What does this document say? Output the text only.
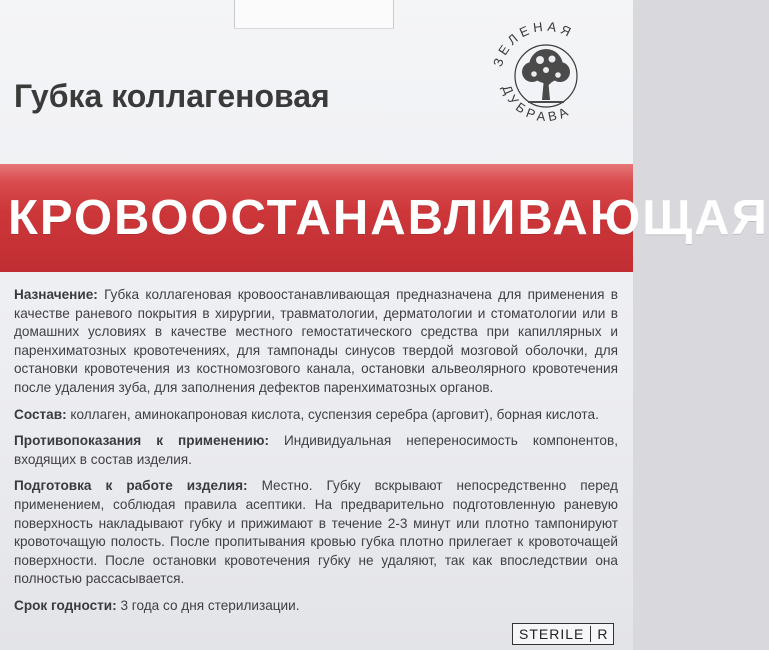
Губка коллагеновая
ЗЕЛЕНАЯ
ДУБРАВА
КРОВООСТАНАВЛИВАЮЩАЯ

Назначение: Губка коллагеновая кровоостанавливающая предназначена для применения в качестве раневого покрытия в хирургии, травматологии, дерматологии и стоматологии или в домашних условиях в качестве местного гемостатического средства при капиллярных и паренхиматозных кровотечениях, для тампонады синусов твердой мозговой оболочки, для остановки кровотечения из костномозгового канала, остановки альвеолярного кровотечения после удаления зуба, для заполнения дефектов паренхиматозных органов.

Состав: коллаген, аминокапроновая кислота, суспензия серебра (арговит), борная кислота.

Противопоказания к применению: Индивидуальная непереносимость компонентов, входящих в состав изделия.

Подготовка к работе изделия: Местно. Губку вскрывают непосредственно перед применением, соблюдая правила асептики. На предварительно подготовленную раневую поверхность накладывают губку и прижимают в течение 2-3 минут или плотно тампонируют кровоточащую полость. После пропитывания кровью губка плотно прилегает к кровоточащей поверхности. После остановки кровотечения губку не удаляют, так как впоследствии она полностью рассасывается.

Срок годности: 3 года со дня стерилизации.

STERILE R
